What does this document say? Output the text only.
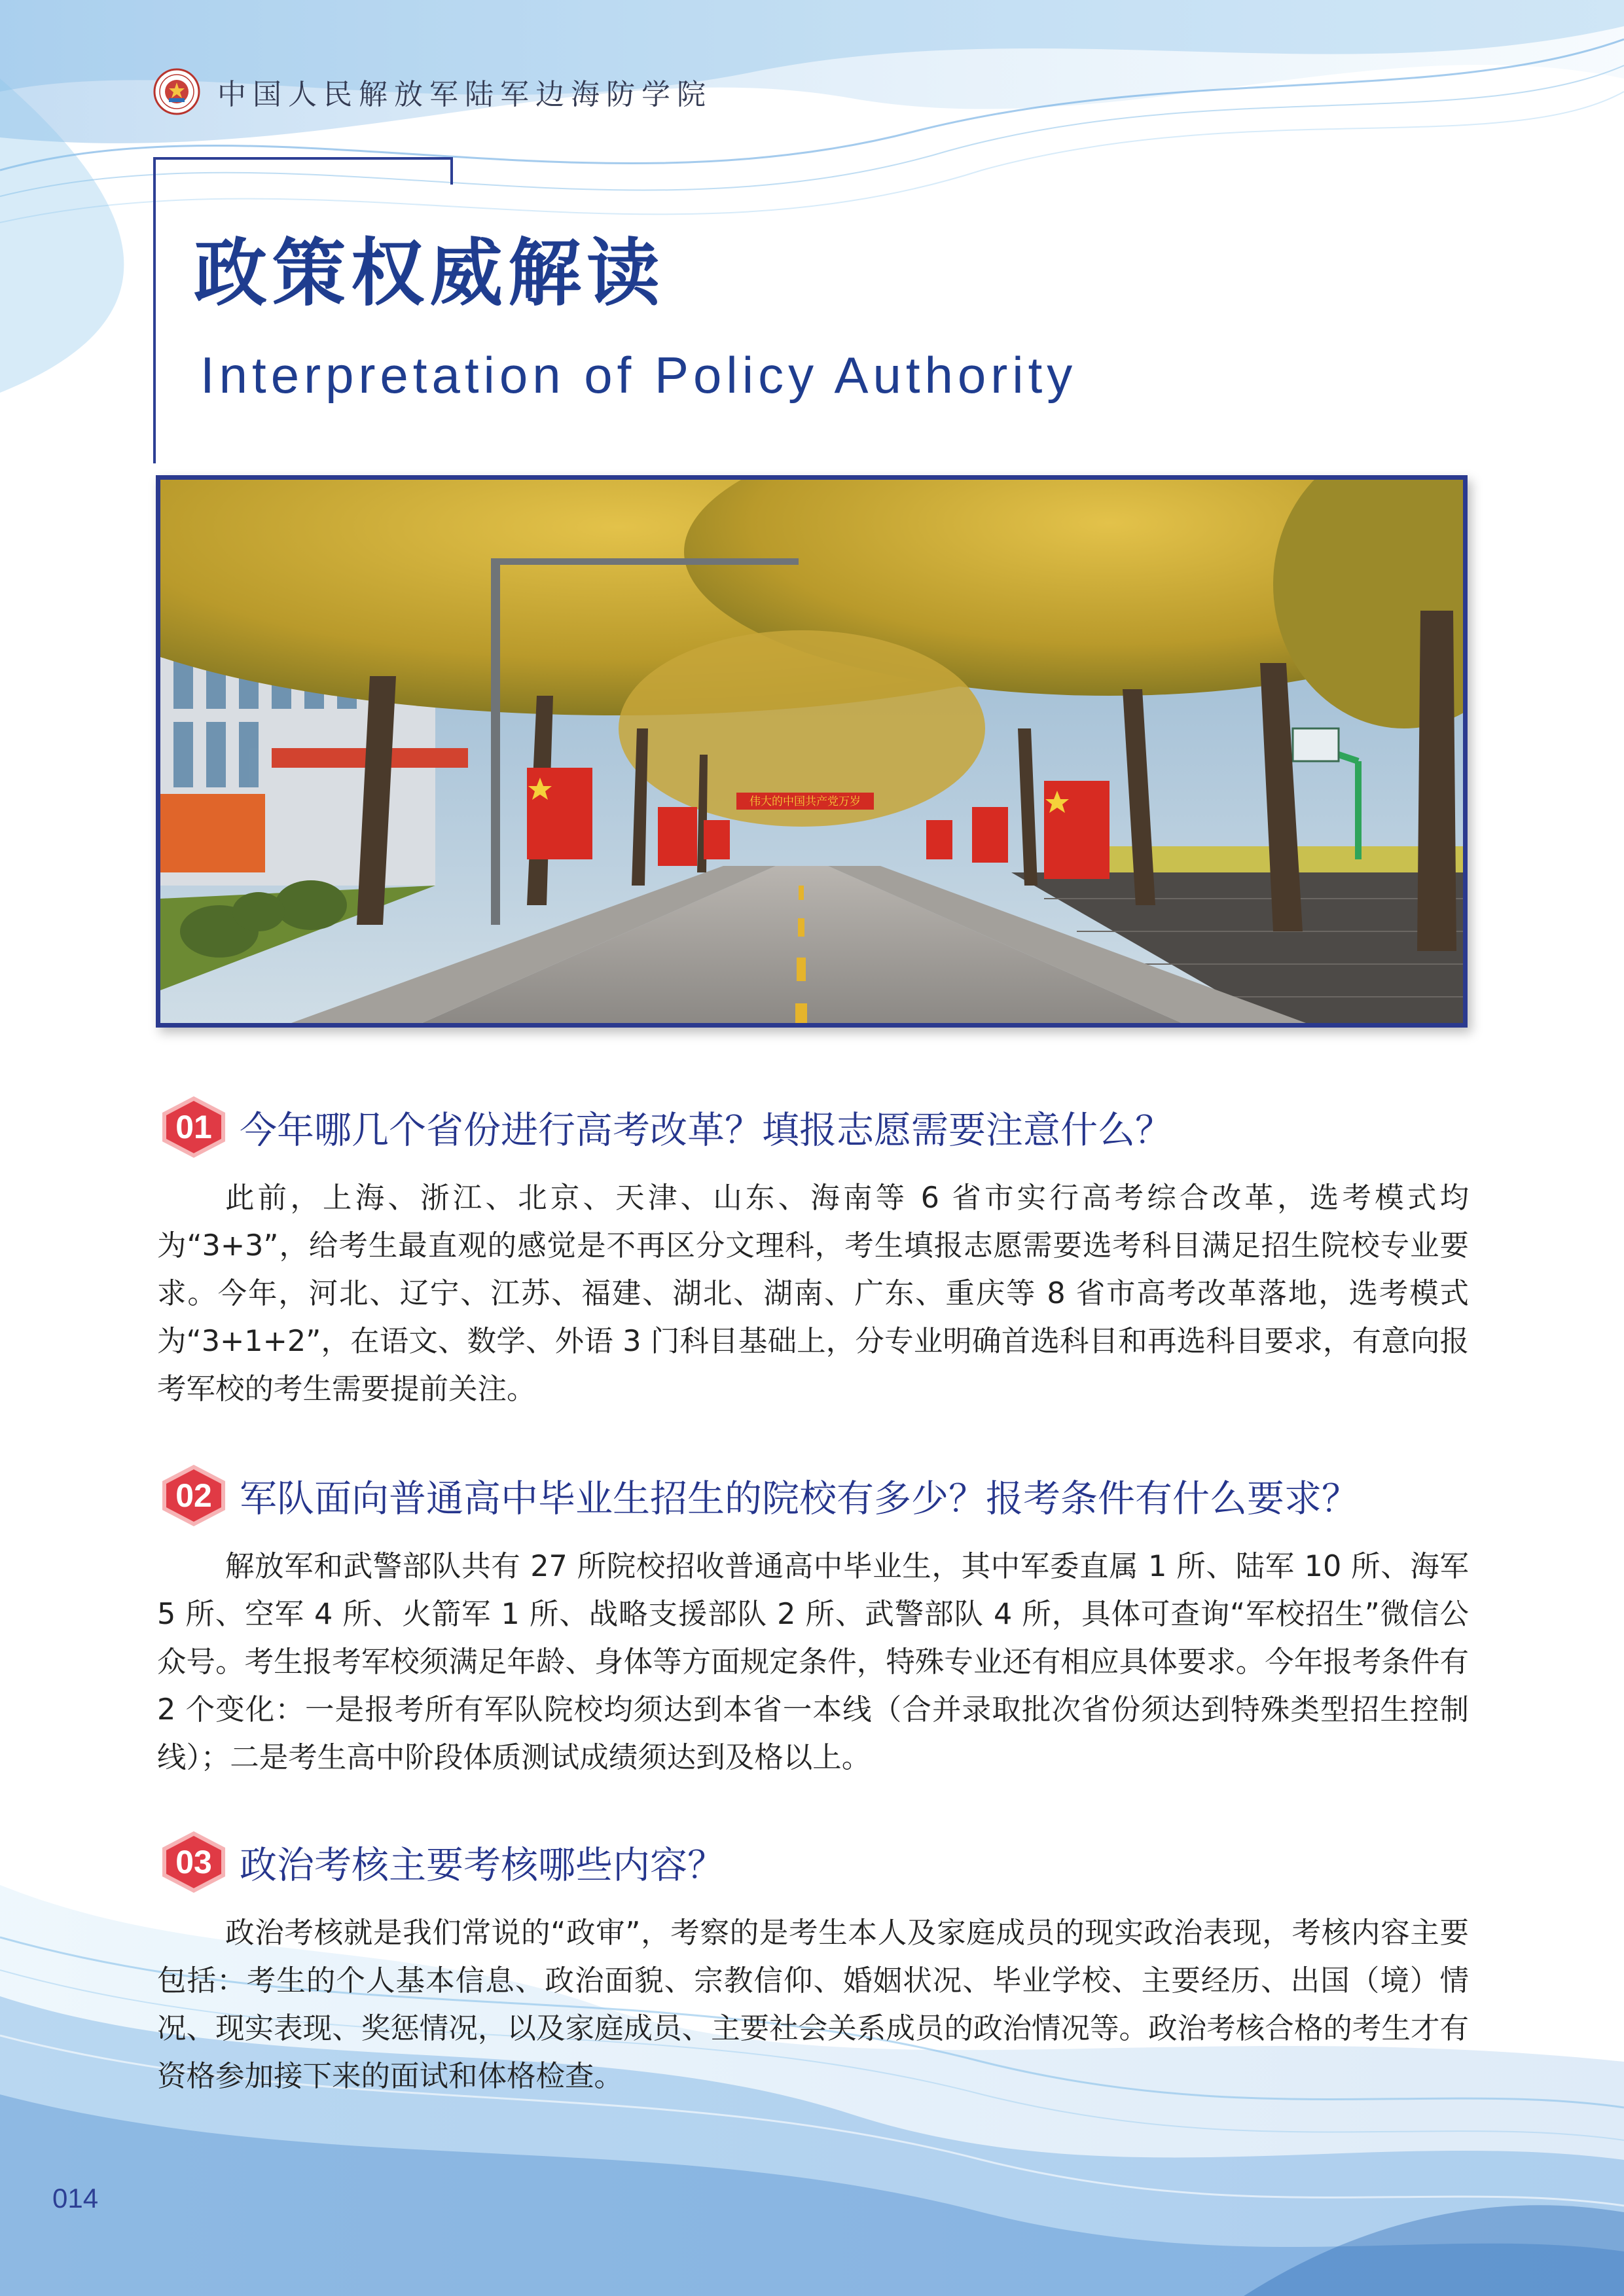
中国人民解放军陆军边海防学院
政策权威解读
Interpretation of Policy Authority
伟大的中国共产党万岁
01 今年哪几个省份进行高考改革？填报志愿需要注意什么？

此前，上海、浙江、北京、天津、山东、海南等 6 省市实行高考综合改革，选考模式均为“3+3”，给考生最直观的感觉是不再区分文理科，考生填报志愿需要选考科目满足招生院校专业要求。今年，河北、辽宁、江苏、福建、湖北、湖南、广东、重庆等 8 省市高考改革落地，选考模式为“3+1+2”，在语文、数学、外语 3 门科目基础上，分专业明确首选科目和再选科目要求，有意向报考军校的考生需要提前关注。

02 军队面向普通高中毕业生招生的院校有多少？报考条件有什么要求？

解放军和武警部队共有 27 所院校招收普通高中毕业生，其中军委直属 1 所、陆军 10 所、海军 5 所、空军 4 所、火箭军 1 所、战略支援部队 2 所、武警部队 4 所，具体可查询“军校招生”微信公众号。考生报考军校须满足年龄、身体等方面规定条件，特殊专业还有相应具体要求。今年报考条件有 2 个变化：一是报考所有军队院校均须达到本省一本线（合并录取批次省份须达到特殊类型招生控制线）；二是考生高中阶段体质测试成绩须达到及格以上。

03 政治考核主要考核哪些内容？

政治考核就是我们常说的“政审”，考察的是考生本人及家庭成员的现实政治表现，考核内容主要包括：考生的个人基本信息、政治面貌、宗教信仰、婚姻状况、毕业学校、主要经历、出国（境）情况、现实表现、奖惩情况，以及家庭成员、主要社会关系成员的政治情况等。政治考核合格的考生才有资格参加接下来的面试和体格检查。

014
